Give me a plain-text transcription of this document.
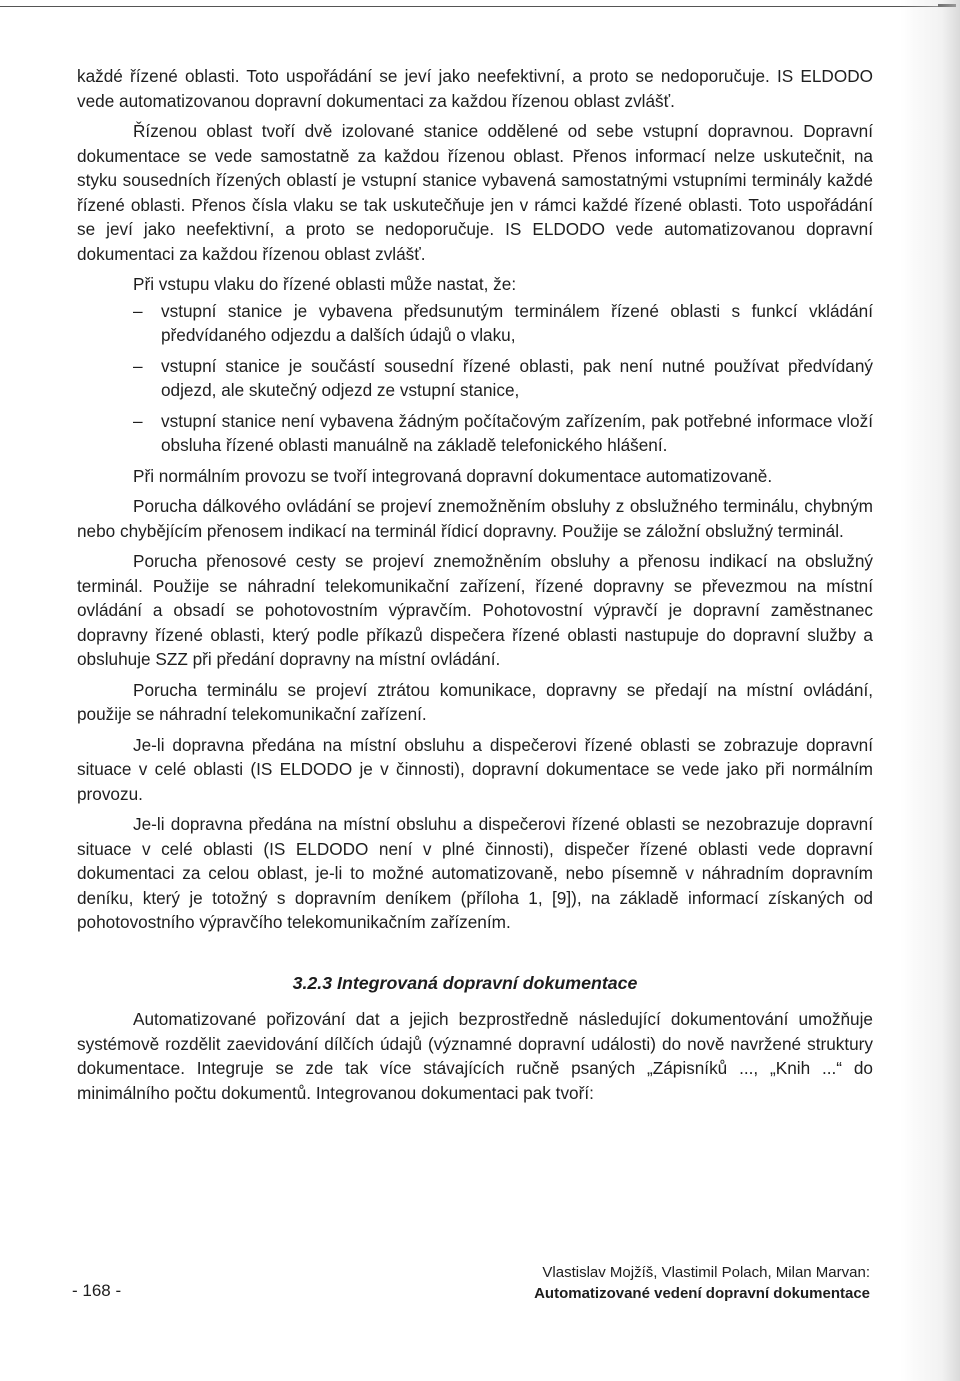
každé řízené oblasti. Toto uspořádání se jeví jako neefektivní, a proto se nedoporučuje. IS ELDODO vede automatizovanou dopravní dokumentaci za každou řízenou oblast zvlášť.

Řízenou oblast tvoří dvě izolované stanice oddělené od sebe vstupní dopravnou. Dopravní dokumentace se vede samostatně za každou řízenou oblast. Přenos informací nelze uskutečnit, na styku sousedních řízených oblastí je vstupní stanice vybavená samostatnými vstupními terminály každé řízené oblasti. Přenos čísla vlaku se tak uskutečňuje jen v rámci každé řízené oblasti. Toto uspořádání se jeví jako neefektivní, a proto se nedoporučuje. IS ELDODO vede automatizovanou dopravní dokumentaci za každou řízenou oblast zvlášť.

Při vstupu vlaku do řízené oblasti může nastat, že:

– vstupní stanice je vybavena předsunutým terminálem řízené oblasti s funkcí vkládání předvídaného odjezdu a dalších údajů o vlaku,
– vstupní stanice je součástí sousední řízené oblasti, pak není nutné používat předvídaný odjezd, ale skutečný odjezd ze vstupní stanice,
– vstupní stanice není vybavena žádným počítačovým zařízením, pak potřebné informace vloží obsluha řízené oblasti manuálně na základě telefonického hlášení.

Při normálním provozu se tvoří integrovaná dopravní dokumentace automatizovaně.

Porucha dálkového ovládání se projeví znemožněním obsluhy z obslužného terminálu, chybným nebo chybějícím přenosem indikací na terminál řídicí dopravny. Použije se záložní obslužný terminál.

Porucha přenosové cesty se projeví znemožněním obsluhy a přenosu indikací na obslužný terminál. Použije se náhradní telekomunikační zařízení, řízené dopravny se převezmou na místní ovládání a obsadí se pohotovostním výpravčím. Pohotovostní výpravčí je dopravní zaměstnanec dopravny řízené oblasti, který podle příkazů dispečera řízené oblasti nastupuje do dopravní služby a obsluhuje SZZ při předání dopravny na místní ovládání.

Porucha terminálu se projeví ztrátou komunikace, dopravny se předají na místní ovládání, použije se náhradní telekomunikační zařízení.

Je-li dopravna předána na místní obsluhu a dispečerovi řízené oblasti se zobrazuje dopravní situace v celé oblasti (IS ELDODO je v činnosti), dopravní dokumentace se vede jako při normálním provozu.

Je-li dopravna předána na místní obsluhu a dispečerovi řízené oblasti se nezobrazuje dopravní situace v celé oblasti (IS ELDODO není v plné činnosti), dispečer řízené oblasti vede dopravní dokumentaci za celou oblast, je-li to možné automatizovaně, nebo písemně v náhradním dopravním deníku, který je totožný s dopravním deníkem (příloha 1, [9]), na základě informací získaných od pohotovostního výpravčího telekomunikačním zařízením.

3.2.3 Integrovaná dopravní dokumentace

Automatizované pořizování dat a jejich bezprostředně následující dokumentování umožňuje systémově rozdělit zaevidování dílčích údajů (významné dopravní události) do nově navržené struktury dokumentace. Integruje se zde tak více stávajících ručně psaných „Zápisníků ..., „Knih ...“ do minimálního počtu dokumentů. Integrovanou dokumentaci pak tvoří:

- 168 -
Vlastislav Mojžíš, Vlastimil Polach, Milan Marvan:
Automatizované vedení dopravní dokumentace
